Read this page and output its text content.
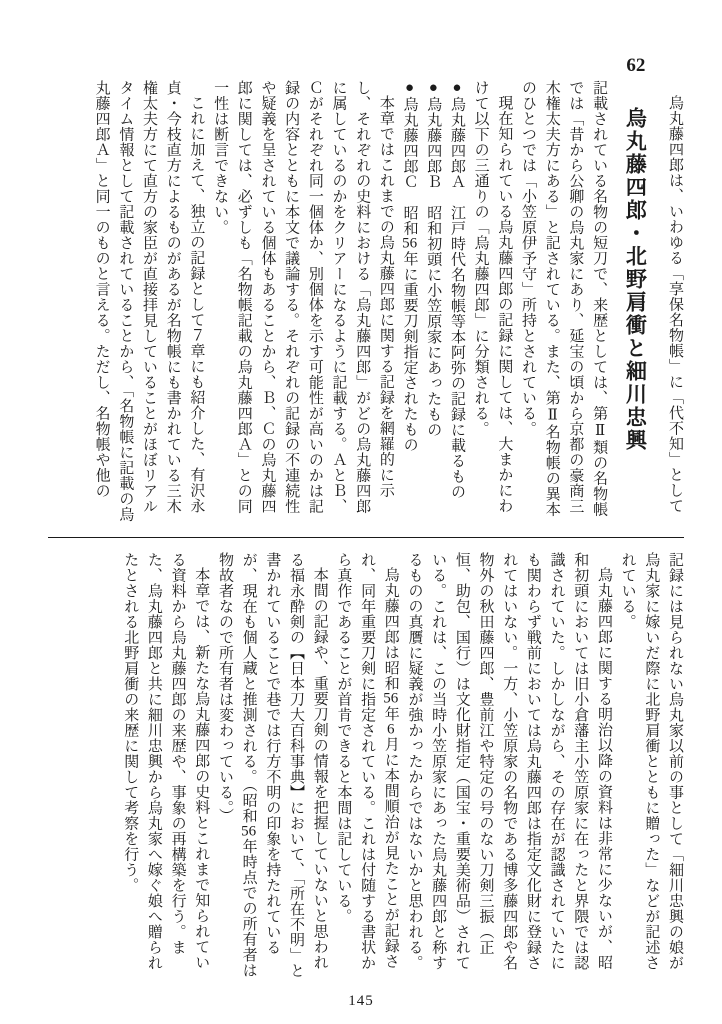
烏丸藤四郎は、いわゆる「享保名物帳」に「代不知」として

62烏丸藤四郎・北野肩衝と細川忠興

記載されている名物の短刀で、来歴としては、第Ⅱ類の名物帳では「昔から公卿の烏丸家にあり、延宝の頃から京都の豪商三木権太夫方にある」と記されている。また、第Ⅱ名物帳の異本のひとつでは「小笠原伊予守」所持とされている。

現在知られている烏丸藤四郎の記録に関しては、大まかにわけて以下の三通りの「烏丸藤四郎」に分類される。

●烏丸藤四郎Ａ　江戸時代名物帳等本阿弥の記録に載るもの

●烏丸藤四郎Ｂ　昭和初頭に小笠原家にあったもの

●烏丸藤四郎Ｃ　昭和56年に重要刀剣指定されたもの

本章ではこれまでの烏丸藤四郎に関する記録を網羅的に示し、それぞれの史料における「烏丸藤四郎」がどの烏丸藤四郎に属しているのかをクリアーになるように記載する。ＡとＢ、Ｃがそれぞれ同一個体か、別個体を示す可能性が高いのかは記録の内容とともに本文で議論する。それぞれの記録の不連続性や疑義を呈されている個体もあることから、Ｂ、Ｃの烏丸藤四郎に関しては、必ずしも「名物帳記載の烏丸藤四郎Ａ」との同一性は断言できない。

これに加えて、独立の記録として７章にも紹介した、有沢永貞・今枝直方によるものがあるが名物帳にも書かれている三木権太夫方にて直方の家臣が直接拝見していることがほぼリアルタイム情報として記載されていることから、「名物帳に記載の烏丸藤四郎Ａ」と同一のものと言える。ただし、名物帳や他の

記録には見られない烏丸家以前の事として「細川忠興の娘が烏丸家に嫁いだ際に北野肩衝とともに贈った」などが記述されている。

烏丸藤四郎に関する明治以降の資料は非常に少ないが、昭和初頭においては旧小倉藩主小笠原家に在ったと界隈では認識されていた。しかしながら、その存在が認識されていたにも関わらず戦前においては烏丸藤四郎は指定文化財に登録されてはいない。一方、小笠原家の名物である博多藤四郎や名物外の秋田藤四郎、豊前江や特定の号のない刀剣三振（正恒、助包、国行）は文化財指定（国宝・重要美術品）されている。これは、この当時小笠原家にあった烏丸藤四郎と称するものの真贋に疑義が強かったからではないかと思われる。

烏丸藤四郎は昭和56年6月に本間順治が見たことが記録され、同年重要刀剣に指定されている。これは付随する書状から真作であることが首肯できると本間は記している。

本間の記録や、重要刀剣の情報を把握していないと思われる福永酔剣の【日本刀大百科事典】において、「所在不明」と書かれていることで巷では行方不明の印象を持たれているが、現在も個人蔵と推測される。（昭和56年時点での所有者は物故者なので所有者は変わっている。）

本章では、新たな烏丸藤四郎の史料とこれまで知られている資料から烏丸藤四郎の来歴や、事象の再構築を行う。また、烏丸藤四郎と共に細川忠興から烏丸家へ嫁ぐ娘へ贈られたとされる北野肩衝の来歴に関して考察を行う。

145
